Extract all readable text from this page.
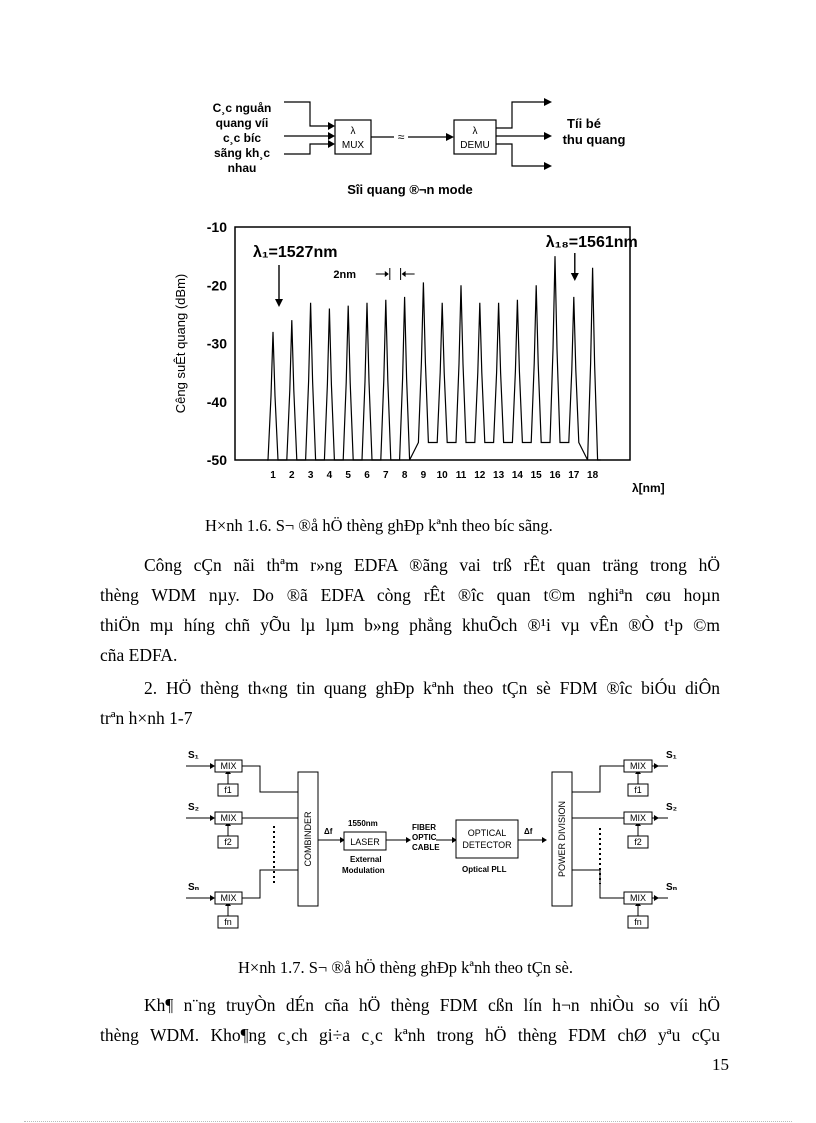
C¸c nguån
quang víi
c¸c bíc
sãng kh¸c
nhau
λ
MUX
≈	λ
DEMU
Tíi bé
thu quang
Sîi quang ®¬n mode
-10
-20
-30
-40
-50
1 2 3 4 5 6 7 8 9 10 11 12 13 14 15 16 17 18
Cêng suÊt quang (dBm)
λ[nm]
λ₁=1527nm
λ₁₈=1561nm
2nm
H×nh 1.6. S¬ ®å hÖ thèng ghÐp kªnh theo bíc sãng.
Công cÇn nãi thªm r»ng EDFA ®ãng vai trß rÊt quan träng trong hÖ
thèng WDM nµy. Do ®ã EDFA còng rÊt ®îc quan t©m nghiªn cøu hoµn
thiÖn mµ híng chñ yÕu lµ lµm b»ng phẳng khuÕch ®¹i vµ vÊn ®Ò t¹p ©m
cña EDFA.
2. HÖ thèng th«ng tin quang ghÐp kªnh theo tÇn sè FDM ®îc biÓu diÔn
trªn h×nh 1-7
S₁
S₂
Sₙ
S₁
S₂
Sₙ
MIX
MIX
MIX
f1
f2
fn
MIX
MIX
MIX
f1
f2
fn
LASER
OPTICAL
DETECTOR
COMBINDER	POWER DIVISION
Δf	Δf
1550nm
External
Modulation
FIBER
OPTIC
CABLE
Optical PLL
H×nh 1.7. S¬ ®å hÖ thèng ghÐp kªnh theo tÇn sè.
Kh¶ n¨ng truyÒn dÉn cña hÖ thèng FDM cßn lín h¬n nhiÒu so víi hÖ
thèng WDM. Kho¶ng c¸ch gi÷a c¸c kªnh trong hÖ thèng FDM chØ yªu cÇu
15
